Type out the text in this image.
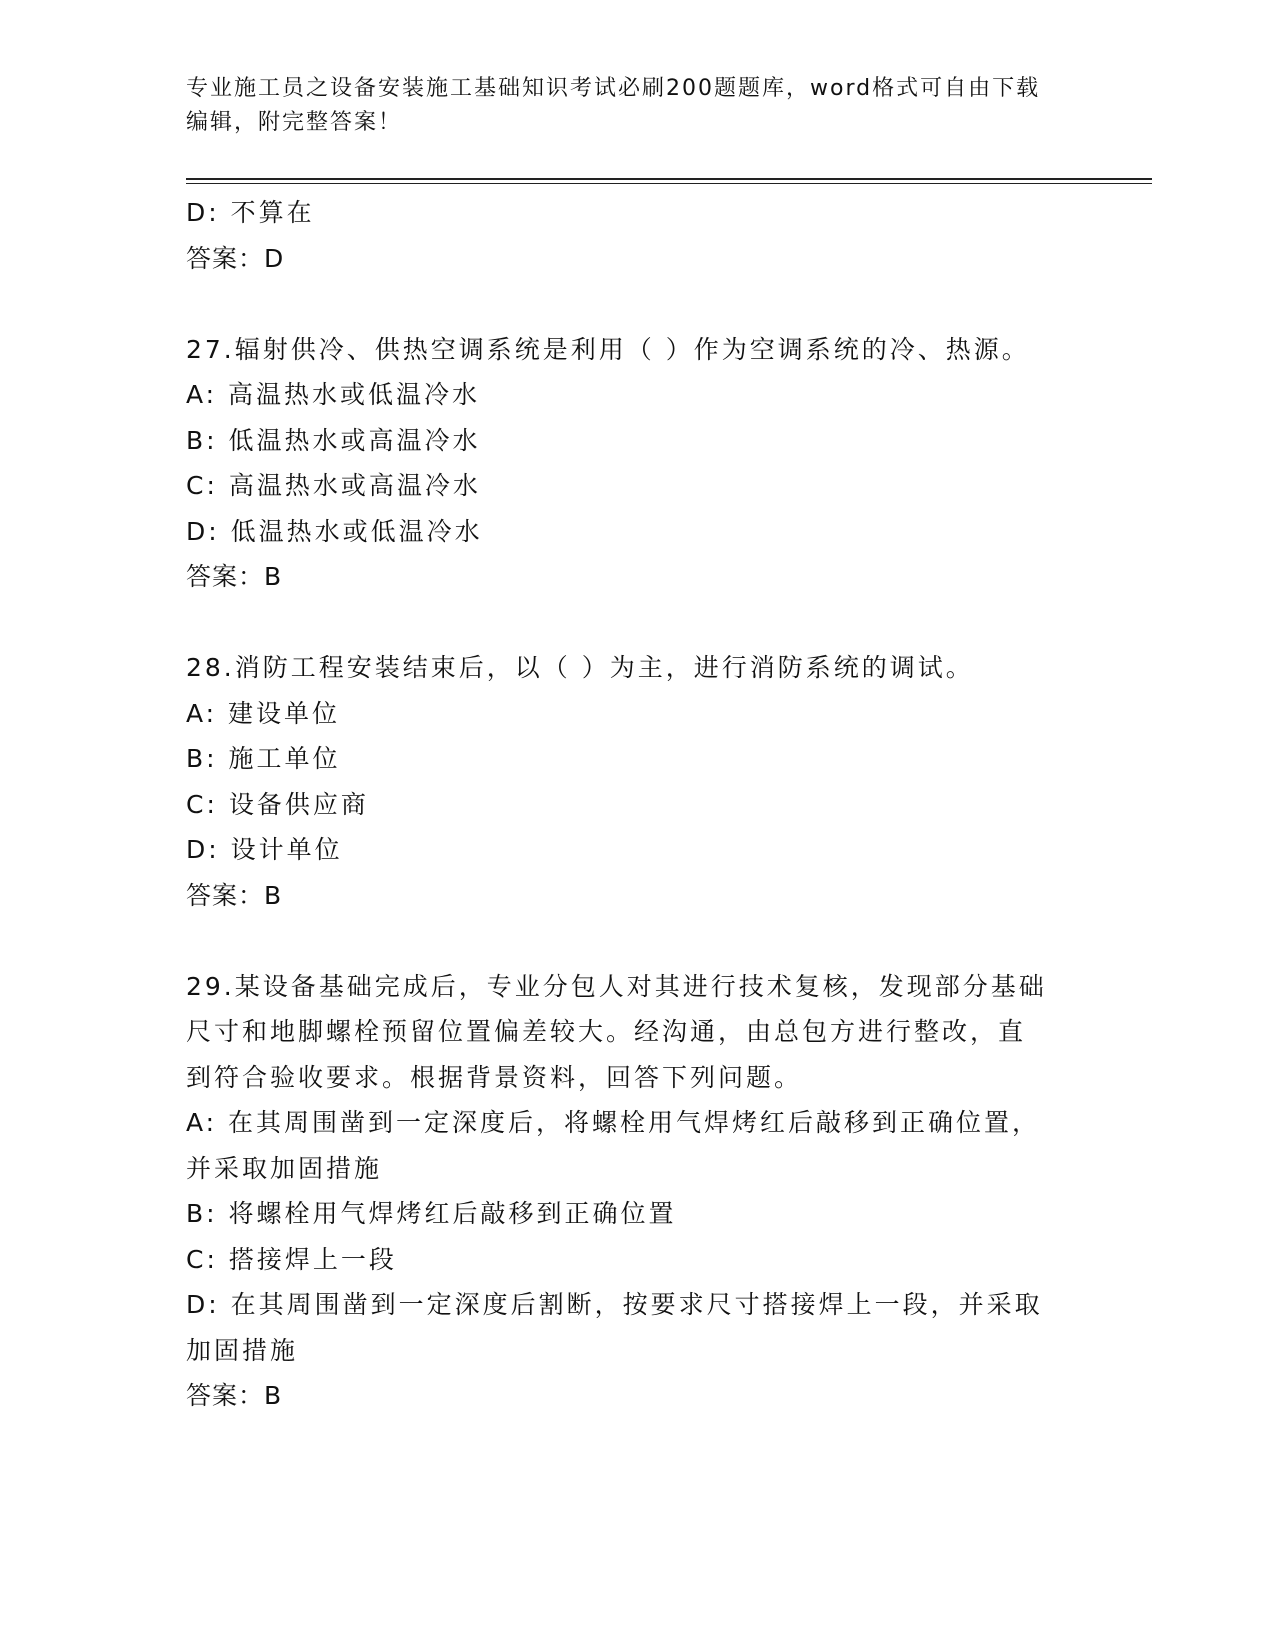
专业施工员之设备安装施工基础知识考试必刷200题题库，word格式可自由下载
编辑，附完整答案！
D: 不算在
答案：D
27.辐射供冷、供热空调系统是利用（ ）作为空调系统的冷、热源。
A: 高温热水或低温冷水
B: 低温热水或高温冷水
C: 高温热水或高温冷水
D: 低温热水或低温冷水
答案：B
28.消防工程安装结束后，以（ ）为主，进行消防系统的调试。
A: 建设单位
B: 施工单位
C: 设备供应商
D: 设计单位
答案：B
29.某设备基础完成后，专业分包人对其进行技术复核，发现部分基础
尺寸和地脚螺栓预留位置偏差较大。经沟通，由总包方进行整改，直
到符合验收要求。根据背景资料，回答下列问题。
A: 在其周围凿到一定深度后，将螺栓用气焊烤红后敲移到正确位置，
并采取加固措施
B: 将螺栓用气焊烤红后敲移到正确位置
C: 搭接焊上一段
D: 在其周围凿到一定深度后割断，按要求尺寸搭接焊上一段，并采取
加固措施
答案：B
